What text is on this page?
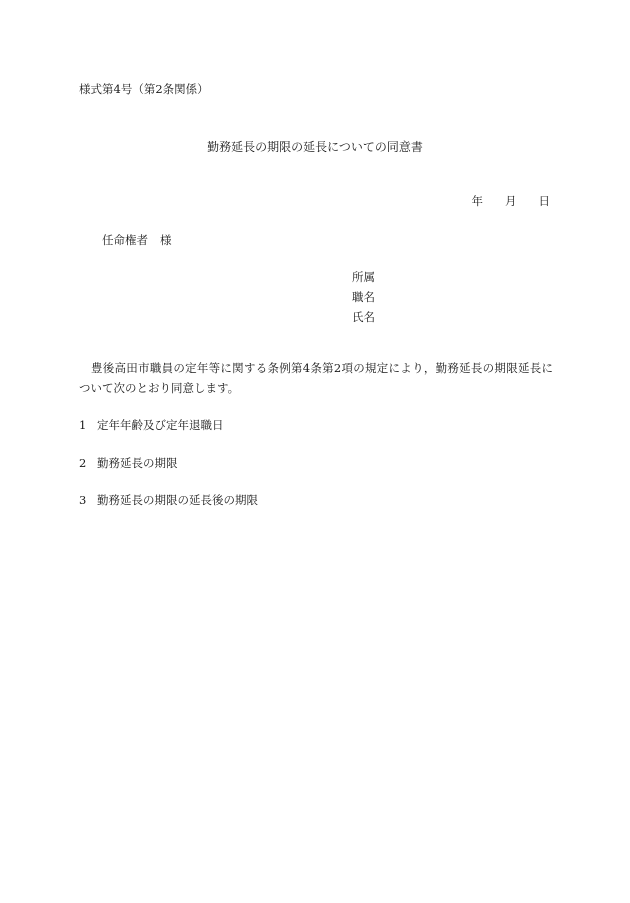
様式第4号（第2条関係）
勤務延長の期限の延長についての同意書
年 月 日
任命権者 様
所属
職名
氏名
豊後高田市職員の定年等に関する条例第4条第2項の規定により，勤務延長の期限延長について次のとおり同意します。
1 定年年齢及び定年退職日
2 勤務延長の期限
3 勤務延長の期限の延長後の期限
